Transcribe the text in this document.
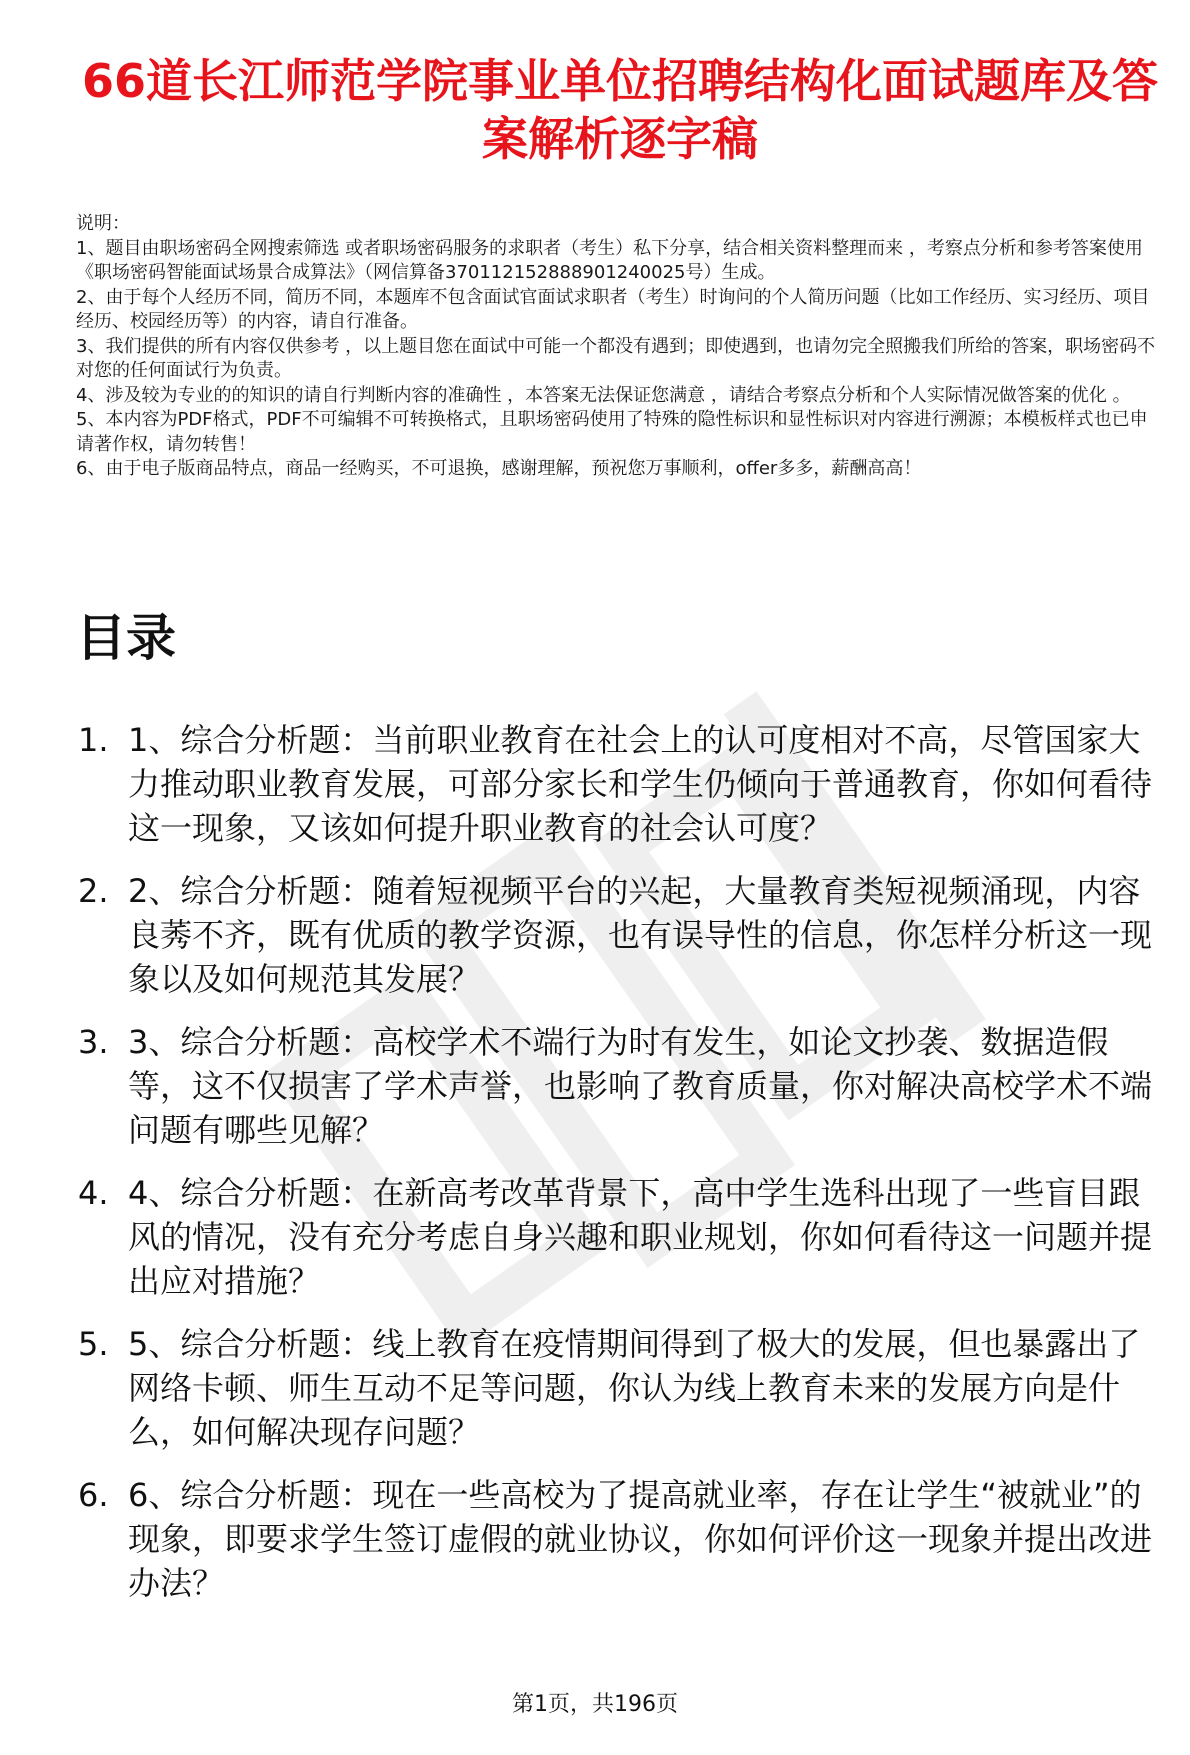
66道长江师范学院事业单位招聘结构化面试题库及答案解析逐字稿

说明：

1、题目由职场密码全网搜索筛选 或者职场密码服务的求职者（考生）私下分享，结合相关资料整理而来 ，考察点分析和参考答案使用《职场密码智能面试场景合成算法》（网信算备370112152888901240025号）生成。

2、由于每个人经历不同，简历不同，本题库不包含面试官面试求职者（考生）时询问的个人简历问题（比如工作经历、实习经历、项目经历、校园经历等）的内容，请自行准备。

3、我们提供的所有内容仅供参考 ，以上题目您在面试中可能一个都没有遇到；即使遇到，也请勿完全照搬我们所给的答案，职场密码不对您的任何面试行为负责。

4、涉及较为专业的的知识的请自行判断内容的准确性 ，本答案无法保证您满意 ，请结合考察点分析和个人实际情况做答案的优化 。

5、本内容为PDF格式，PDF不可编辑不可转换格式，且职场密码使用了特殊的隐性标识和显性标识对内容进行溯源；本模板样式也已申请著作权，请勿转售！

6、由于电子版商品特点，商品一经购买，不可退换，感谢理解，预祝您万事顺利，offer多多，薪酬高高！

目录
1. 1、综合分析题：当前职业教育在社会上的认可度相对不高，尽管国家大力推动职业教育发展，可部分家长和学生仍倾向于普通教育，你如何看待这一现象，又该如何提升职业教育的社会认可度？
2. 2、综合分析题：随着短视频平台的兴起，大量教育类短视频涌现，内容良莠不齐，既有优质的教学资源，也有误导性的信息，你怎样分析这一现象以及如何规范其发展？
3. 3、综合分析题：高校学术不端行为时有发生，如论文抄袭、数据造假等，这不仅损害了学术声誉，也影响了教育质量，你对解决高校学术不端问题有哪些见解？
4. 4、综合分析题：在新高考改革背景下，高中学生选科出现了一些盲目跟风的情况，没有充分考虑自身兴趣和职业规划，你如何看待这一问题并提出应对措施？
5. 5、综合分析题：线上教育在疫情期间得到了极大的发展，但也暴露出了网络卡顿、师生互动不足等问题，你认为线上教育未来的发展方向是什么，如何解决现存问题？
6. 6、综合分析题：现在一些高校为了提高就业率，存在让学生“被就业”的现象，即要求学生签订虚假的就业协议，你如何评价这一现象并提出改进办法？
第1页，共196页
